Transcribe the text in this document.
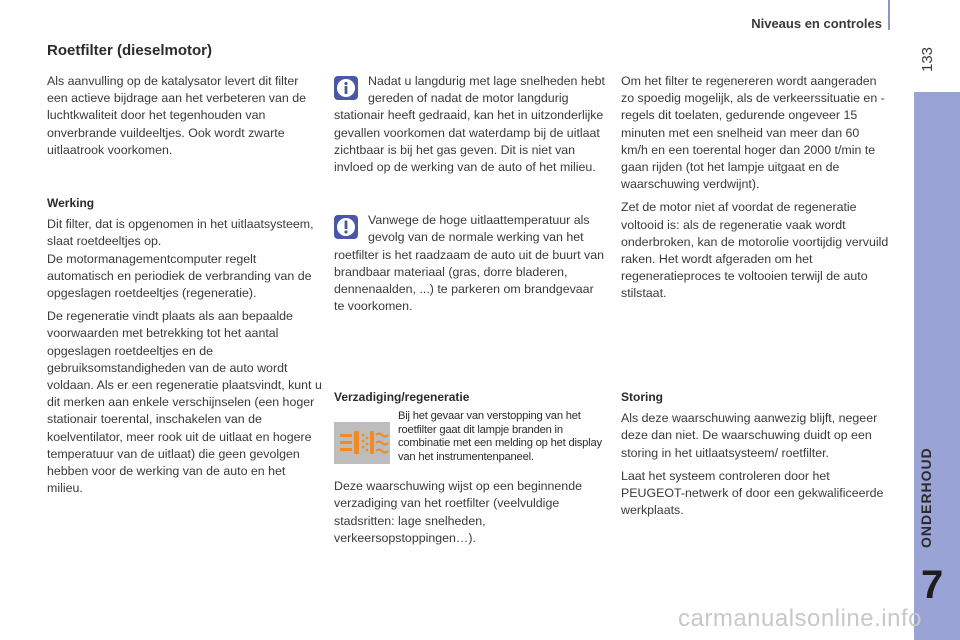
Niveaus en controles
133
ONDERHOUD
7
Roetfilter (dieselmotor)

Als aanvulling op de katalysator levert dit filter een actieve bijdrage aan het verbeteren van de luchtkwaliteit door het tegenhouden van onverbrande vuildeeltjes. Ook wordt zwarte uitlaatrook voorkomen.

Werking

Dit filter, dat is opgenomen in het uitlaatsysteem, slaat roetdeeltjes op.

De motormanagementcomputer regelt automatisch en periodiek de verbranding van de opgeslagen roetdeeltjes (regeneratie).

De regeneratie vindt plaats als aan bepaalde voorwaarden met betrekking tot het aantal opgeslagen roetdeeltjes en de gebruiksomstandigheden van de auto wordt voldaan. Als er een regeneratie plaatsvindt, kunt u dit merken aan enkele verschijnselen (een hoger stationair toerental, inschakelen van de koelventilator, meer rook uit de uitlaat en hogere temperatuur van de uitlaat) die geen gevolgen hebben voor de werking van de auto en het milieu.

Nadat u langdurig met lage snelheden hebt gereden of nadat de motor langdurig stationair heeft gedraaid, kan het in uitzonderlijke gevallen voorkomen dat waterdamp bij de uitlaat zichtbaar is bij het gas geven. Dit is niet van invloed op de werking van de auto of het milieu.

Vanwege de hoge uitlaattemperatuur als gevolg van de normale werking van het roetfilter is het raadzaam de auto uit de buurt van brandbaar materiaal (gras, dorre bladeren, dennenaalden, ...) te parkeren om brandgevaar te voorkomen.

Verzadiging/regeneratie
Bij het gevaar van verstopping van het roetfilter gaat dit lampje branden in combinatie met een melding op het display van het instrumentenpaneel.

Deze waarschuwing wijst op een beginnende verzadiging van het roetfilter (veelvuldige stadsritten: lage snelheden, verkeersopstoppingen…).

Om het filter te regenereren wordt aangeraden zo spoedig mogelijk, als de verkeerssituatie en -regels dit toelaten, gedurende ongeveer 15 minuten met een snelheid van meer dan 60 km/h en een toerental hoger dan 2000 t/min te gaan rijden (tot het lampje uitgaat en de waarschuwing verdwijnt).

Zet de motor niet af voordat de regeneratie voltooid is: als de regeneratie vaak wordt onderbroken, kan de motorolie voortijdig vervuild raken. Het wordt afgeraden om het regeneratieproces te voltooien terwijl de auto stilstaat.

Storing

Als deze waarschuwing aanwezig blijft, negeer deze dan niet. De waarschuwing duidt op een storing in het uitlaatsysteem/ roetfilter.

Laat het systeem controleren door het PEUGEOT-netwerk of door een gekwalificeerde werkplaats.

carmanualsonline.info
